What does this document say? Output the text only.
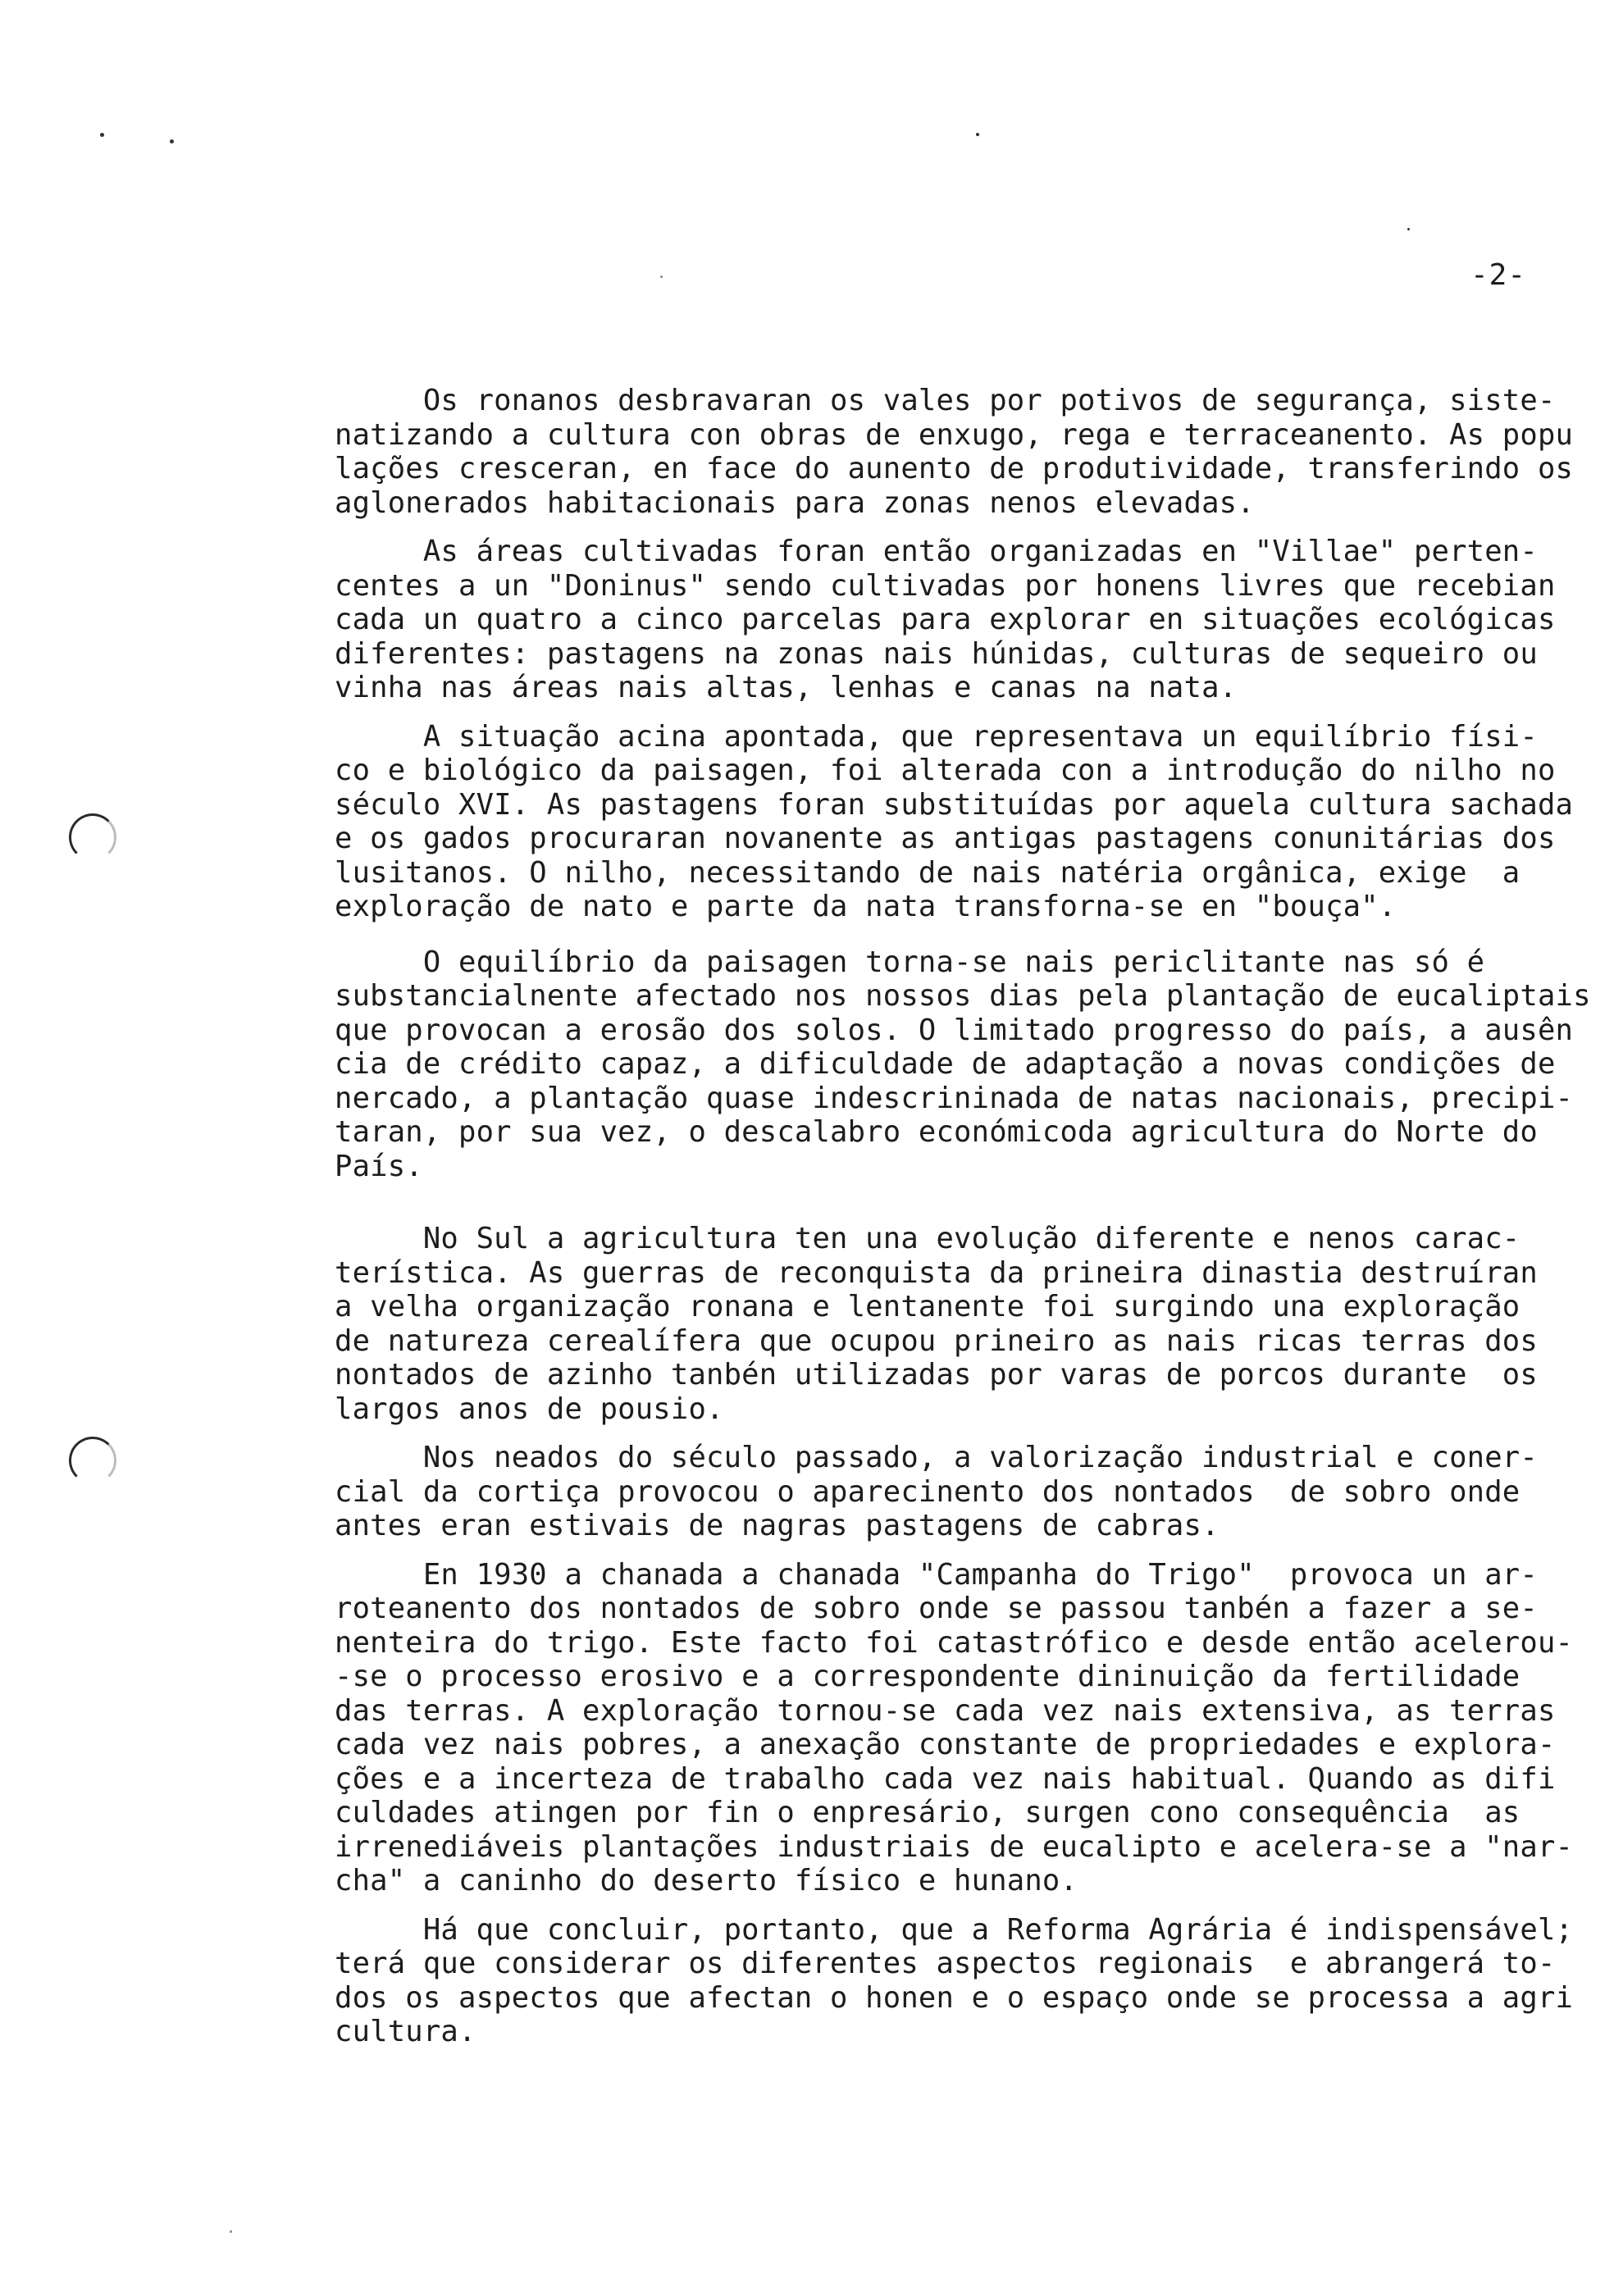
-2-

Os ronanos desbravaran os vales por potivos de segurança, siste-
natizando a cultura con obras de enxugo, rega e terraceanento. As popu
lações cresceran, en face do aunento de produtividade, transferindo os
aglonerados habitacionais para zonas nenos elevadas.

As áreas cultivadas foran então organizadas en "Villae" perten-
centes a un "Doninus" sendo cultivadas por honens livres que recebian
cada un quatro a cinco parcelas para explorar en situações ecológicas
diferentes: pastagens na zonas nais húnidas, culturas de sequeiro ou
vinha nas áreas nais altas, lenhas e canas na nata.

A situação acina apontada, que representava un equilíbrio físi-
co e biológico da paisagen, foi alterada con a introdução do nilho no
século XVI. As pastagens foran substituídas por aquela cultura sachada
e os gados procuraran novanente as antigas pastagens conunitárias dos
lusitanos. O nilho, necessitando de nais natéria orgânica, exige  a
exploração de nato e parte da nata transforna-se en "bouça".

O equilíbrio da paisagen torna-se nais periclitante nas só é
substancialnente afectado nos nossos dias pela plantação de eucaliptais
que provocan a erosão dos solos. O limitado progresso do país, a ausên
cia de crédito capaz, a dificuldade de adaptação a novas condições de
nercado, a plantação quase indescrininada de natas nacionais, precipi-
taran, por sua vez, o descalabro económicoda agricultura do Norte do
País.

No Sul a agricultura ten una evolução diferente e nenos carac-
terística. As guerras de reconquista da prineira dinastia destruíran
a velha organização ronana e lentanente foi surgindo una exploração
de natureza cerealífera que ocupou prineiro as nais ricas terras dos
nontados de azinho tanbén utilizadas por varas de porcos durante  os
largos anos de pousio.

Nos neados do século passado, a valorização industrial e coner-
cial da cortiça provocou o aparecinento dos nontados  de sobro onde
antes eran estivais de nagras pastagens de cabras.

En 1930 a chanada a chanada "Campanha do Trigo"  provoca un ar-
roteanento dos nontados de sobro onde se passou tanbén a fazer a se-
nenteira do trigo. Este facto foi catastrófico e desde então acelerou-
-se o processo erosivo e a correspondente dininuição da fertilidade
das terras. A exploração tornou-se cada vez nais extensiva, as terras
cada vez nais pobres, a anexação constante de propriedades e explora-
ções e a incerteza de trabalho cada vez nais habitual. Quando as difi
culdades atingen por fin o enpresário, surgen cono consequência  as
irrenediáveis plantações industriais de eucalipto e acelera-se a "nar-
cha" a caninho do deserto físico e hunano.

Há que concluir, portanto, que a Reforma Agrária é indispensável;
terá que considerar os diferentes aspectos regionais  e abrangerá to-
dos os aspectos que afectan o honen e o espaço onde se processa a agri
cultura.
